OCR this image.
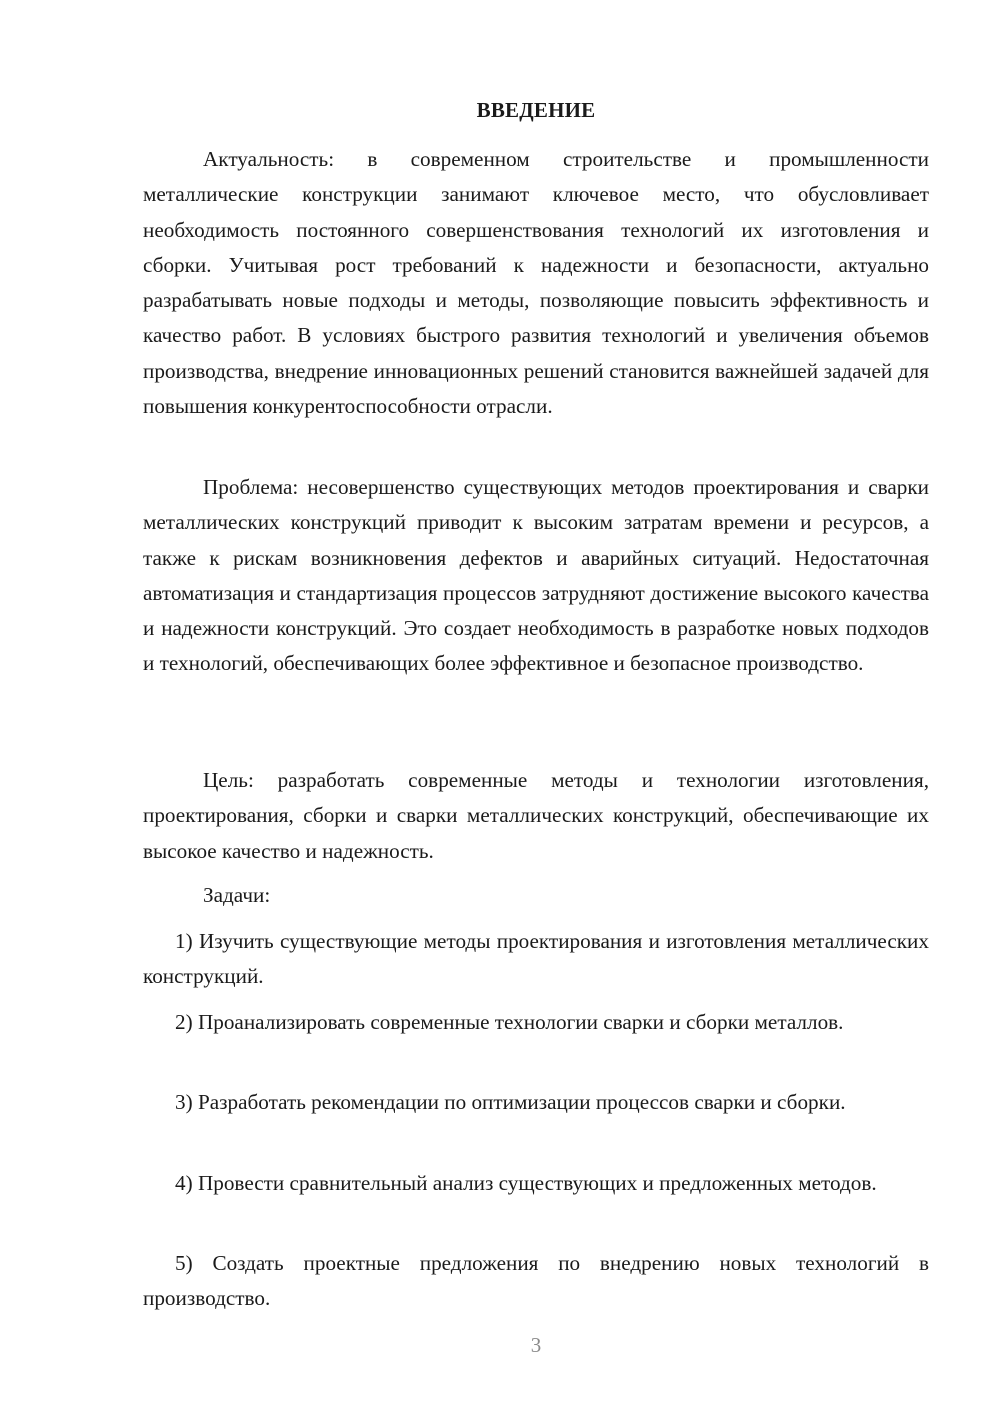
ВВЕДЕНИЕ

Актуальность: в современном строительстве и промышленности металлические конструкции занимают ключевое место, что обусловливает необходимость постоянного совершенствования технологий их изготовления и сборки. Учитывая рост требований к надежности и безопасности, актуально разрабатывать новые подходы и методы, позволяющие повысить эффективность и качество работ. В условиях быстрого развития технологий и увеличения объемов производства, внедрение инновационных решений становится важнейшей задачей для повышения конкурентоспособности отрасли.

Проблема: несовершенство существующих методов проектирования и сварки металлических конструкций приводит к высоким затратам времени и ресурсов, а также к рискам возникновения дефектов и аварийных ситуаций. Недостаточная автоматизация и стандартизация процессов затрудняют достижение высокого качества и надежности конструкций. Это создает необходимость в разработке новых подходов и технологий, обеспечивающих более эффективное и безопасное производство.

Цель: разработать современные методы и технологии изготовления, проектирования, сборки и сварки металлических конструкций, обеспечивающие их высокое качество и надежность.

Задачи:

1) Изучить существующие методы проектирования и изготовления металлических конструкций.

2) Проанализировать современные технологии сварки и сборки металлов.

3) Разработать рекомендации по оптимизации процессов сварки и сборки.

4) Провести сравнительный анализ существующих и предложенных методов.

5) Создать проектные предложения по внедрению новых технологий в производство.

3
